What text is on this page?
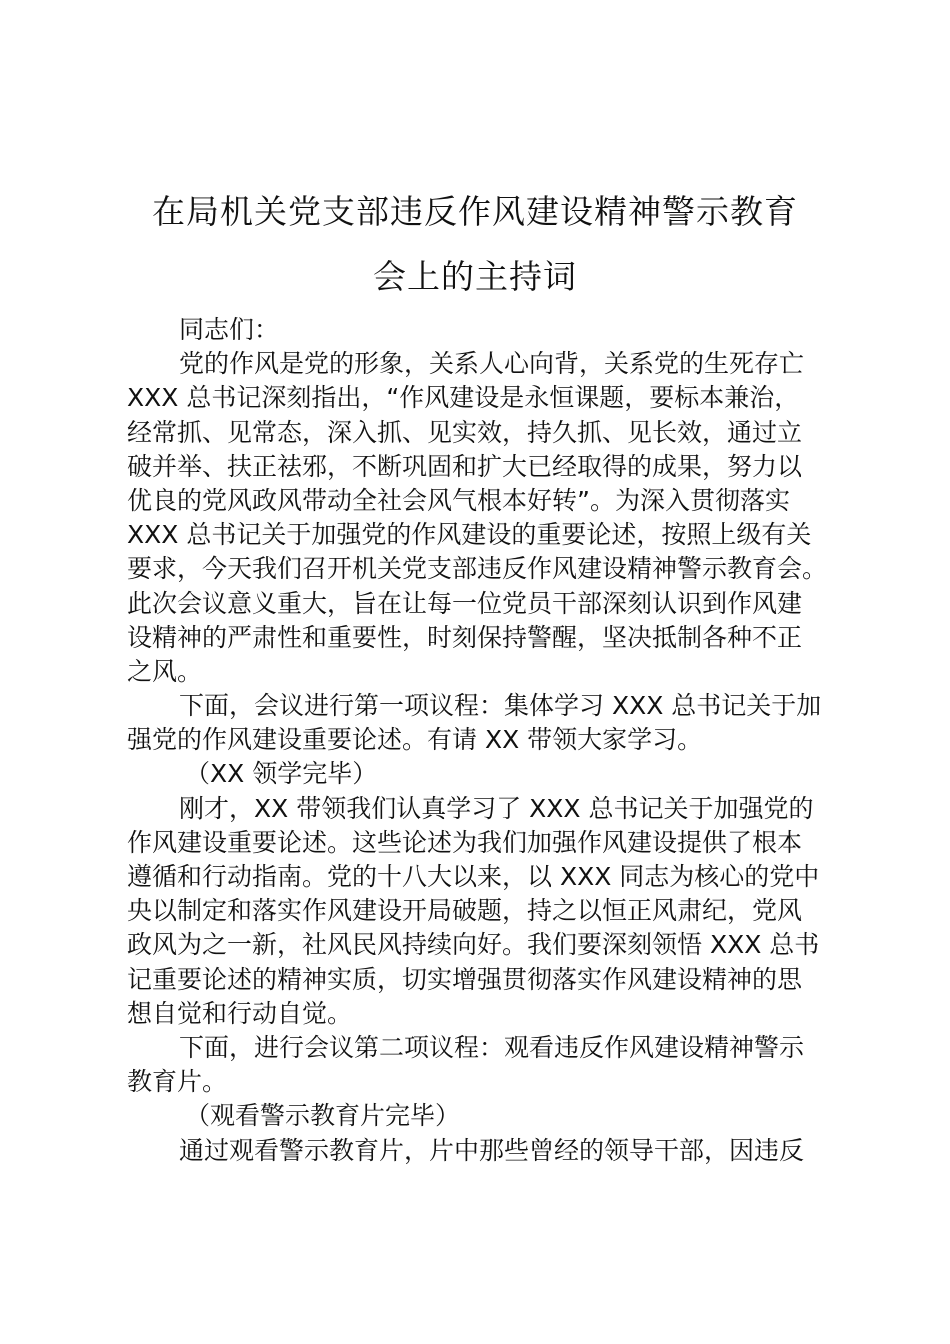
在局机关党支部违反作风建设精神警示教育
会上的主持词
同志们：
党的作风是党的形象，关系人心向背，关系党的生死存亡
XXX 总书记深刻指出，“作风建设是永恒课题，要标本兼治，
经常抓、见常态，深入抓、见实效，持久抓、见长效，通过立
破并举、扶正祛邪，不断巩固和扩大已经取得的成果，努力以
优良的党风政风带动全社会风气根本好转”。为深入贯彻落实
XXX 总书记关于加强党的作风建设的重要论述，按照上级有关
要求，今天我们召开机关党支部违反作风建设精神警示教育会。
此次会议意义重大，旨在让每一位党员干部深刻认识到作风建
设精神的严肃性和重要性，时刻保持警醒，坚决抵制各种不正
之风。
下面，会议进行第一项议程：集体学习 XXX 总书记关于加
强党的作风建设重要论述。有请 XX 带领大家学习。
（XX 领学完毕）
刚才，XX 带领我们认真学习了 XXX 总书记关于加强党的
作风建设重要论述。这些论述为我们加强作风建设提供了根本
遵循和行动指南。党的十八大以来，以 XXX 同志为核心的党中
央以制定和落实作风建设开局破题，持之以恒正风肃纪，党风
政风为之一新，社风民风持续向好。我们要深刻领悟 XXX 总书
记重要论述的精神实质，切实增强贯彻落实作风建设精神的思
想自觉和行动自觉。
下面，进行会议第二项议程：观看违反作风建设精神警示
教育片。
（观看警示教育片完毕）
通过观看警示教育片，片中那些曾经的领导干部，因违反
